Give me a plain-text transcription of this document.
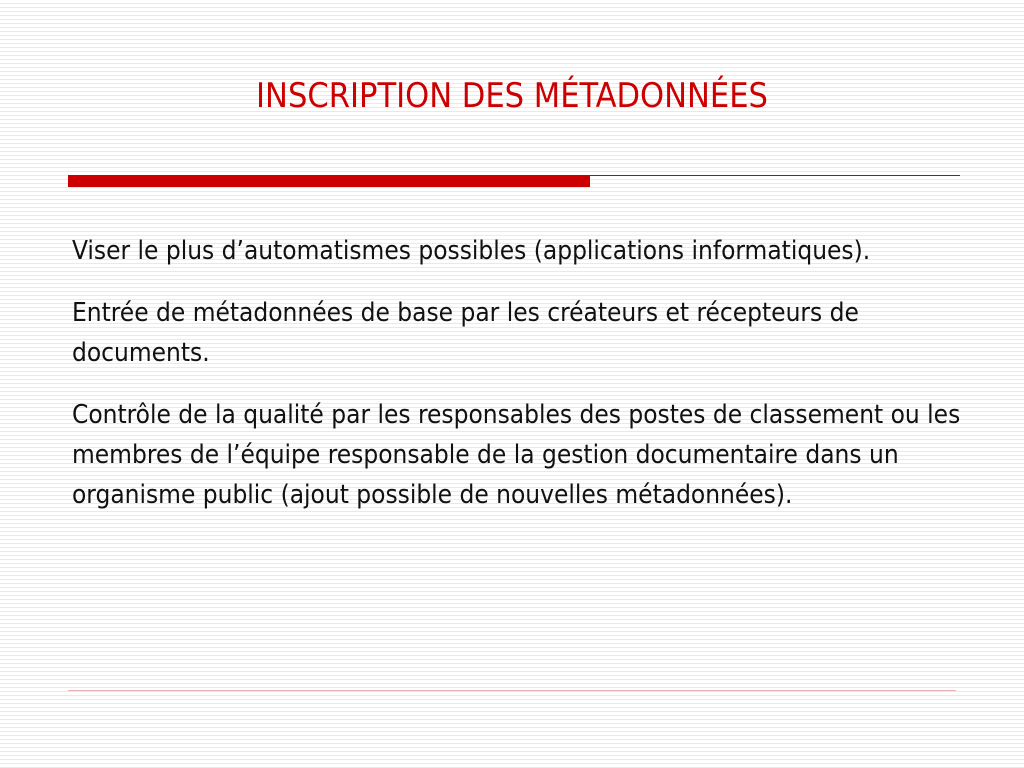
INSCRIPTION DES MÉTADONNÉES

Viser le plus d’automatismes possibles (applications informatiques).

Entrée de métadonnées de base par les créateurs et récepteurs de documents.

Contrôle de la qualité par les responsables des postes de classement ou les membres de l’équipe responsable de la gestion documentaire dans un organisme public (ajout possible de nouvelles métadonnées).
